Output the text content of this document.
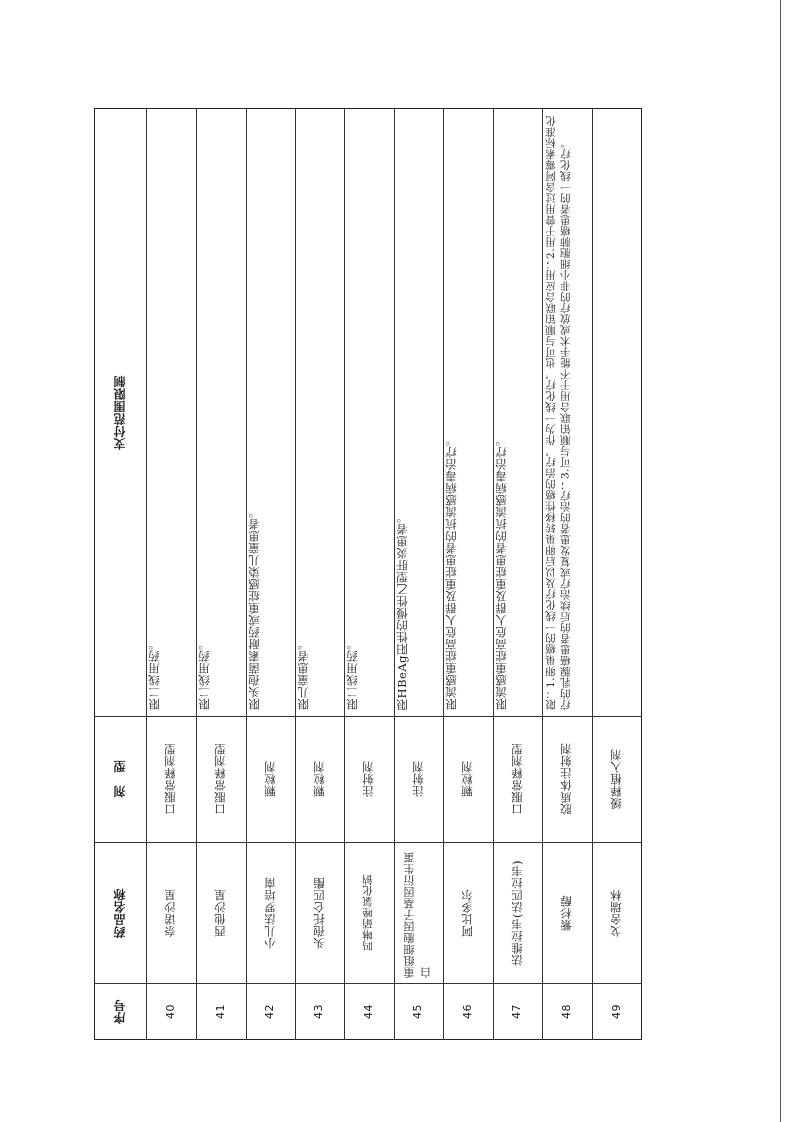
序号
药品名称
剂　型
支付范围限制
40
奈诺沙星
口服常释剂型
限二线用药。
41
西他沙星
口服常释剂型
限二线用药。
42
小儿法罗培南
颗粒剂
限头孢菌素耐药或重症感染儿童患者。
43
头孢托仑匹酯
颗粒剂
限儿童患者。
44
吗啉硝唑氯化钠
注射剂
限二线用药。
45
重组细胞因子基因衍生蛋白
注射剂
限HBeAg阳性的慢性乙型肝炎患者。
46
阿比多尔
颗粒剂
限流感重症高危人群及重症患者的抗流感病毒治疗。
47
法维拉韦(法匹拉韦)
口服常释剂型
限流感重症高危人群及重症患者的抗流感病毒治疗。
48
紫杉醇
胶质体注射剂
限：1.卵巢癌的一线化疗及以后卵巢转移性癌的治疗，作为一线化疗，也可与顺铂联合应用；2.用于曾用过含阿霉素标准化疗的乳腺癌患者的后续治疗或复发患者的治疗；3.可与顺铂联合用于不能手术或放疗的非小细胞肺癌患者的一线化疗。
49
戈舍瑞林
缓释植入剂
